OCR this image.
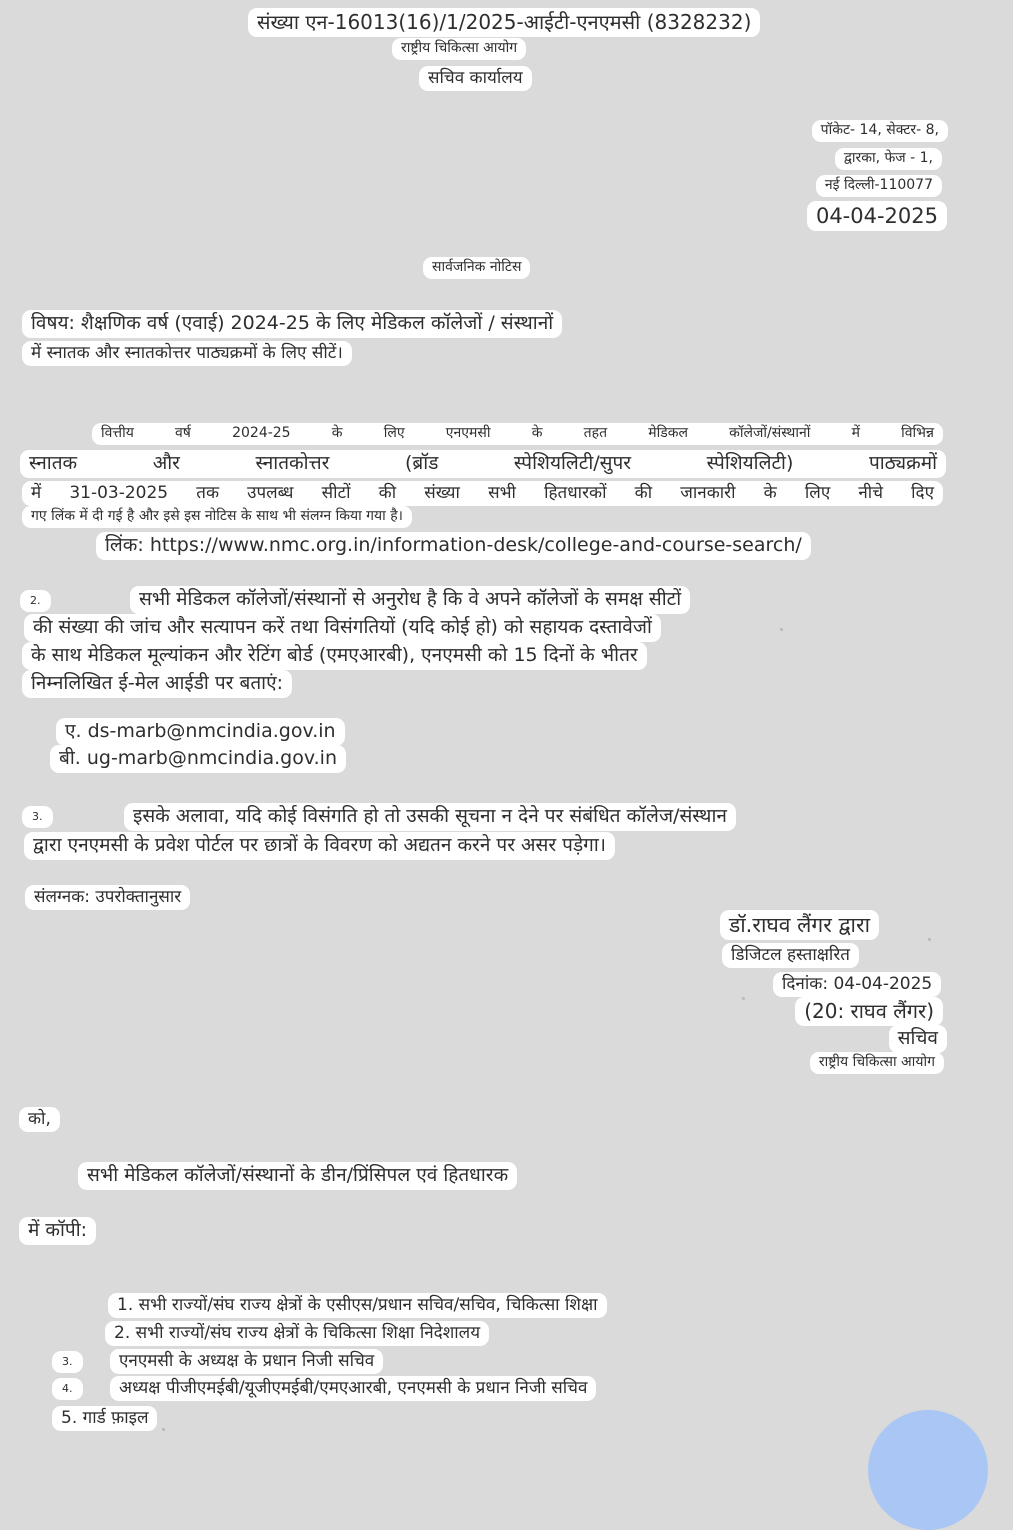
संख्या एन-16013(16)/1/2025-आईटी-एनएमसी (8328232)
राष्ट्रीय चिकित्सा आयोग
सचिव कार्यालय
पॉकेट- 14, सेक्टर- 8,
द्वारका, फेज - 1,
नई दिल्ली-110077
04-04-2025
सार्वजनिक नोटिस
विषय: शैक्षणिक वर्ष (एवाई) 2024-25 के लिए मेडिकल कॉलेजों / संस्थानों
में स्नातक और स्नातकोत्तर पाठ्यक्रमों के लिए सीटें।
वित्तीय वर्ष 2024-25 के लिए एनएमसी के तहत मेडिकल कॉलेजों/संस्थानों में विभिन्न
स्नातक और स्नातकोत्तर (ब्रॉड स्पेशियलिटी/सुपर स्पेशियलिटी) पाठ्यक्रमों
में 31-03-2025 तक उपलब्ध सीटों की संख्या सभी हितधारकों की जानकारी के लिए नीचे दिए
गए लिंक में दी गई है और इसे इस नोटिस के साथ भी संलग्न किया गया है।
लिंक: https://www.nmc.org.in/information-desk/college-and-course-search/
2.	सभी मेडिकल कॉलेजों/संस्थानों से अनुरोध है कि वे अपने कॉलेजों के समक्ष सीटों
की संख्या की जांच और सत्यापन करें तथा विसंगतियों (यदि कोई हो) को सहायक दस्तावेजों
के साथ मेडिकल मूल्यांकन और रेटिंग बोर्ड (एमएआरबी), एनएमसी को 15 दिनों के भीतर
निम्नलिखित ई-मेल आईडी पर बताएं:
ए. ds-marb@nmcindia.gov.in
बी. ug-marb@nmcindia.gov.in
3.	इसके अलावा, यदि कोई विसंगति हो तो उसकी सूचना न देने पर संबंधित कॉलेज/संस्थान
द्वारा एनएमसी के प्रवेश पोर्टल पर छात्रों के विवरण को अद्यतन करने पर असर पड़ेगा।
संलग्नक: उपरोक्तानुसार
डॉ.राघव लैंगर द्वारा
डिजिटल हस्ताक्षरित
दिनांक: 04-04-2025
(20: राघव लैंगर)
सचिव
राष्ट्रीय चिकित्सा आयोग
को,
सभी मेडिकल कॉलेजों/संस्थानों के डीन/प्रिंसिपल एवं हितधारक
में कॉपी:
1. सभी राज्यों/संघ राज्य क्षेत्रों के एसीएस/प्रधान सचिव/सचिव, चिकित्सा शिक्षा
2. सभी राज्यों/संघ राज्य क्षेत्रों के चिकित्सा शिक्षा निदेशालय
3.	एनएमसी के अध्यक्ष के प्रधान निजी सचिव
4.	अध्यक्ष पीजीएमईबी/यूजीएमईबी/एमएआरबी, एनएमसी के प्रधान निजी सचिव
5. गार्ड फ़ाइल
